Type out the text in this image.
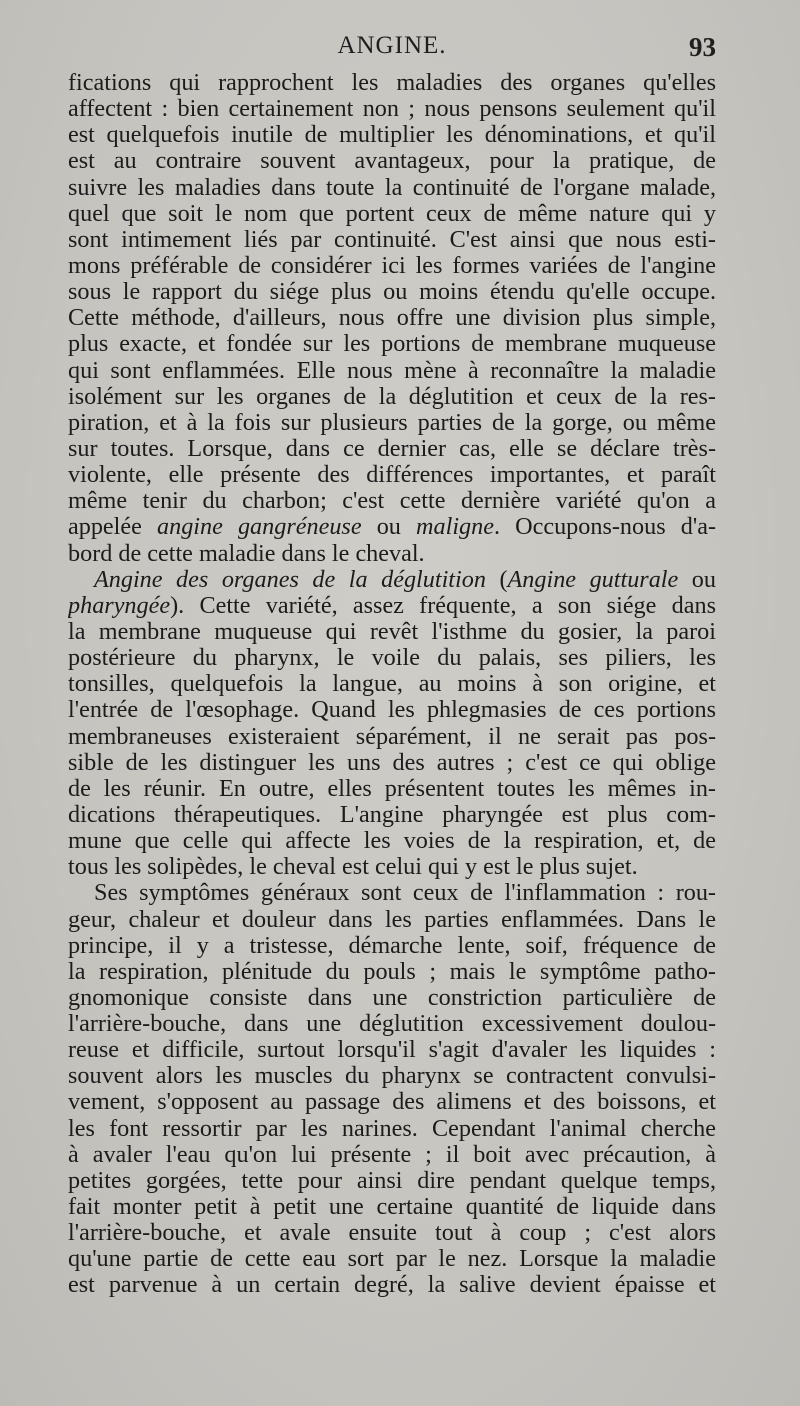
ANGINE.	93
fications qui rapprochent les maladies des organes qu'elles
affectent : bien certainement non ; nous pensons seulement qu'il
est quelquefois inutile de multiplier les dénominations, et qu'il
est au contraire souvent avantageux, pour la pratique, de
suivre les maladies dans toute la continuité de l'organe malade,
quel que soit le nom que portent ceux de même nature qui y
sont intimement liés par continuité. C'est ainsi que nous esti-
mons préférable de considérer ici les formes variées de l'angine
sous le rapport du siége plus ou moins étendu qu'elle occupe.
Cette méthode, d'ailleurs, nous offre une division plus simple,
plus exacte, et fondée sur les portions de membrane muqueuse
qui sont enflammées. Elle nous mène à reconnaître la maladie
isolément sur les organes de la déglutition et ceux de la res-
piration, et à la fois sur plusieurs parties de la gorge, ou même
sur toutes. Lorsque, dans ce dernier cas, elle se déclare très-
violente, elle présente des différences importantes, et paraît
même tenir du charbon; c'est cette dernière variété qu'on a
appelée angine gangréneuse ou maligne. Occupons-nous d'a-
bord de cette maladie dans le cheval.
Angine des organes de la déglutition (Angine gutturale ou
pharyngée). Cette variété, assez fréquente, a son siége dans
la membrane muqueuse qui revêt l'isthme du gosier, la paroi
postérieure du pharynx, le voile du palais, ses piliers, les
tonsilles, quelquefois la langue, au moins à son origine, et
l'entrée de l'œsophage. Quand les phlegmasies de ces portions
membraneuses existeraient séparément, il ne serait pas pos-
sible de les distinguer les uns des autres ; c'est ce qui oblige
de les réunir. En outre, elles présentent toutes les mêmes in-
dications thérapeutiques. L'angine pharyngée est plus com-
mune que celle qui affecte les voies de la respiration, et, de
tous les solipèdes, le cheval est celui qui y est le plus sujet.
Ses symptômes généraux sont ceux de l'inflammation : rou-
geur, chaleur et douleur dans les parties enflammées. Dans le
principe, il y a tristesse, démarche lente, soif, fréquence de
la respiration, plénitude du pouls ; mais le symptôme patho-
gnomonique consiste dans une constriction particulière de
l'arrière-bouche, dans une déglutition excessivement doulou-
reuse et difficile, surtout lorsqu'il s'agit d'avaler les liquides :
souvent alors les muscles du pharynx se contractent convulsi-
vement, s'opposent au passage des alimens et des boissons, et
les font ressortir par les narines. Cependant l'animal cherche
à avaler l'eau qu'on lui présente ; il boit avec précaution, à
petites gorgées, tette pour ainsi dire pendant quelque temps,
fait monter petit à petit une certaine quantité de liquide dans
l'arrière-bouche, et avale ensuite tout à coup ; c'est alors
qu'une partie de cette eau sort par le nez. Lorsque la maladie
est parvenue à un certain degré, la salive devient épaisse et
